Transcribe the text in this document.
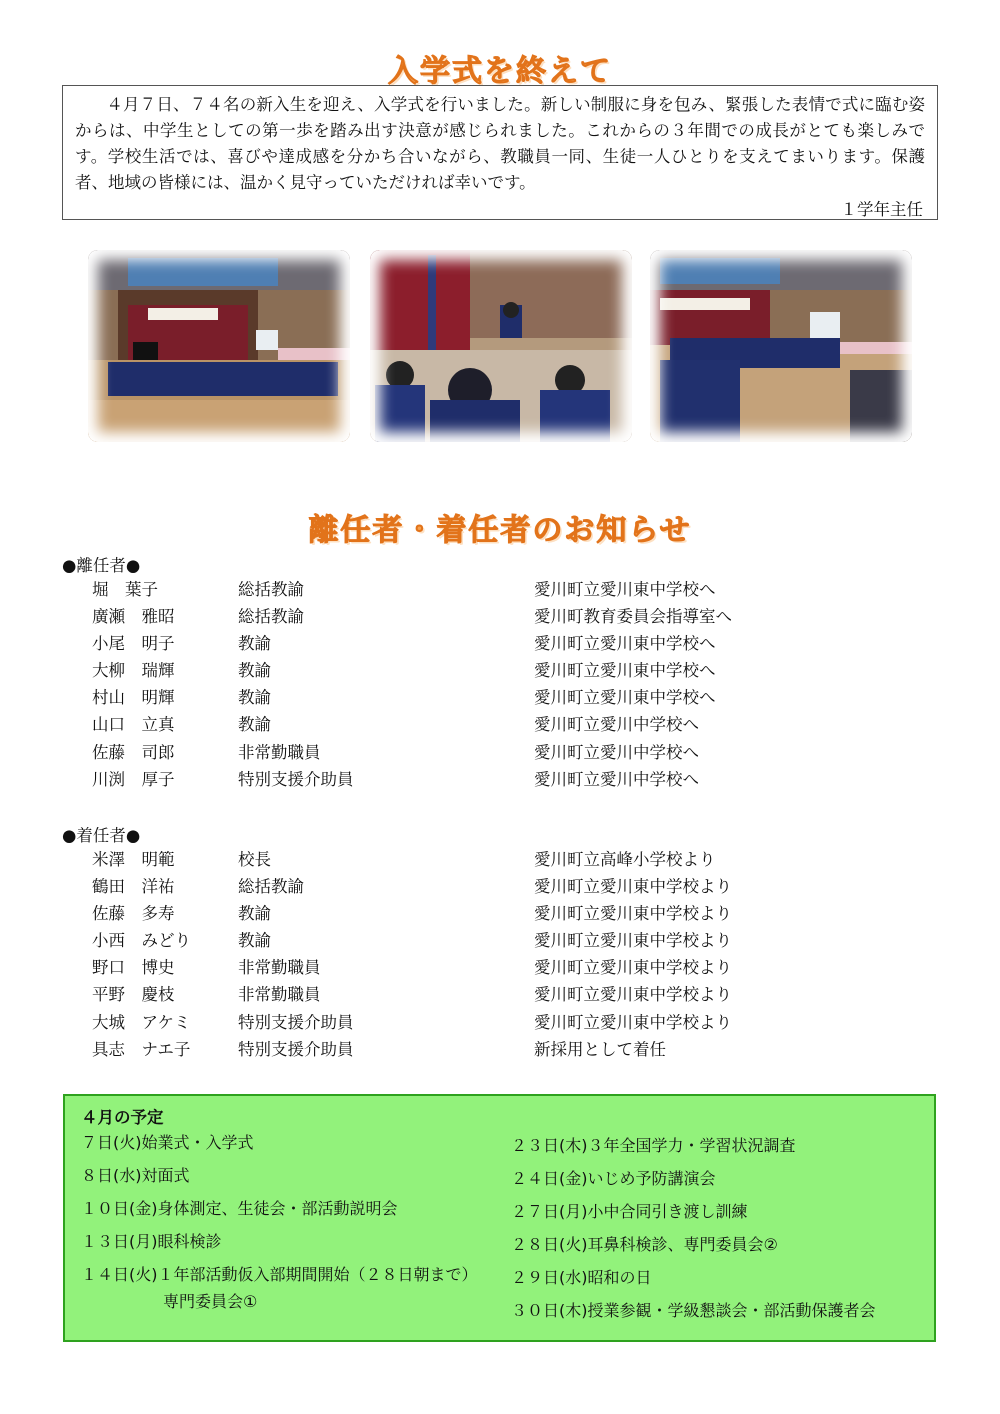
入学式を終えて

４月７日、７４名の新入生を迎え、入学式を行いました。新しい制服に身を包み、緊張した表情で式に臨む姿からは、中学生としての第一歩を踏み出す決意が感じられました。これからの３年間での成長がとても楽しみです。学校生活では、喜びや達成感を分かち合いながら、教職員一同、生徒一人ひとりを支えてまいります。保護者、地域の皆様には、温かく見守っていただければ幸いです。

１学年主任

離任者・着任者のお知らせ
●離任者●
堀　葉子	総括教諭	愛川町立愛川東中学校へ
廣瀬　雅昭	総括教諭	愛川町教育委員会指導室へ
小尾　明子	教諭	愛川町立愛川東中学校へ
大柳　瑞輝	教諭	愛川町立愛川東中学校へ
村山　明輝	教諭	愛川町立愛川東中学校へ
山口　立真	教諭	愛川町立愛川中学校へ
佐藤　司郎	非常勤職員	愛川町立愛川中学校へ
川渕　厚子	特別支援介助員	愛川町立愛川中学校へ
●着任者●
米澤　明範	校長	愛川町立高峰小学校より
鶴田　洋祐	総括教諭	愛川町立愛川東中学校より
佐藤　多寿	教諭	愛川町立愛川東中学校より
小西　みどり	教諭	愛川町立愛川東中学校より
野口　博史	非常勤職員	愛川町立愛川東中学校より
平野　慶枝	非常勤職員	愛川町立愛川東中学校より
大城　アケミ	特別支援介助員	愛川町立愛川東中学校より
具志　ナエ子	特別支援介助員	新採用として着任
４月の予定
７日(火)始業式・入学式
８日(水)対面式
１０日(金)身体測定、生徒会・部活動説明会
１３日(月)眼科検診
１４日(火)１年部活動仮入部期間開始（２８日朝まで）
専門委員会①
２３日(木)３年全国学力・学習状況調査
２４日(金)いじめ予防講演会
２７日(月)小中合同引き渡し訓練
２８日(火)耳鼻科検診、専門委員会②
２９日(水)昭和の日
３０日(木)授業参観・学級懇談会・部活動保護者会
